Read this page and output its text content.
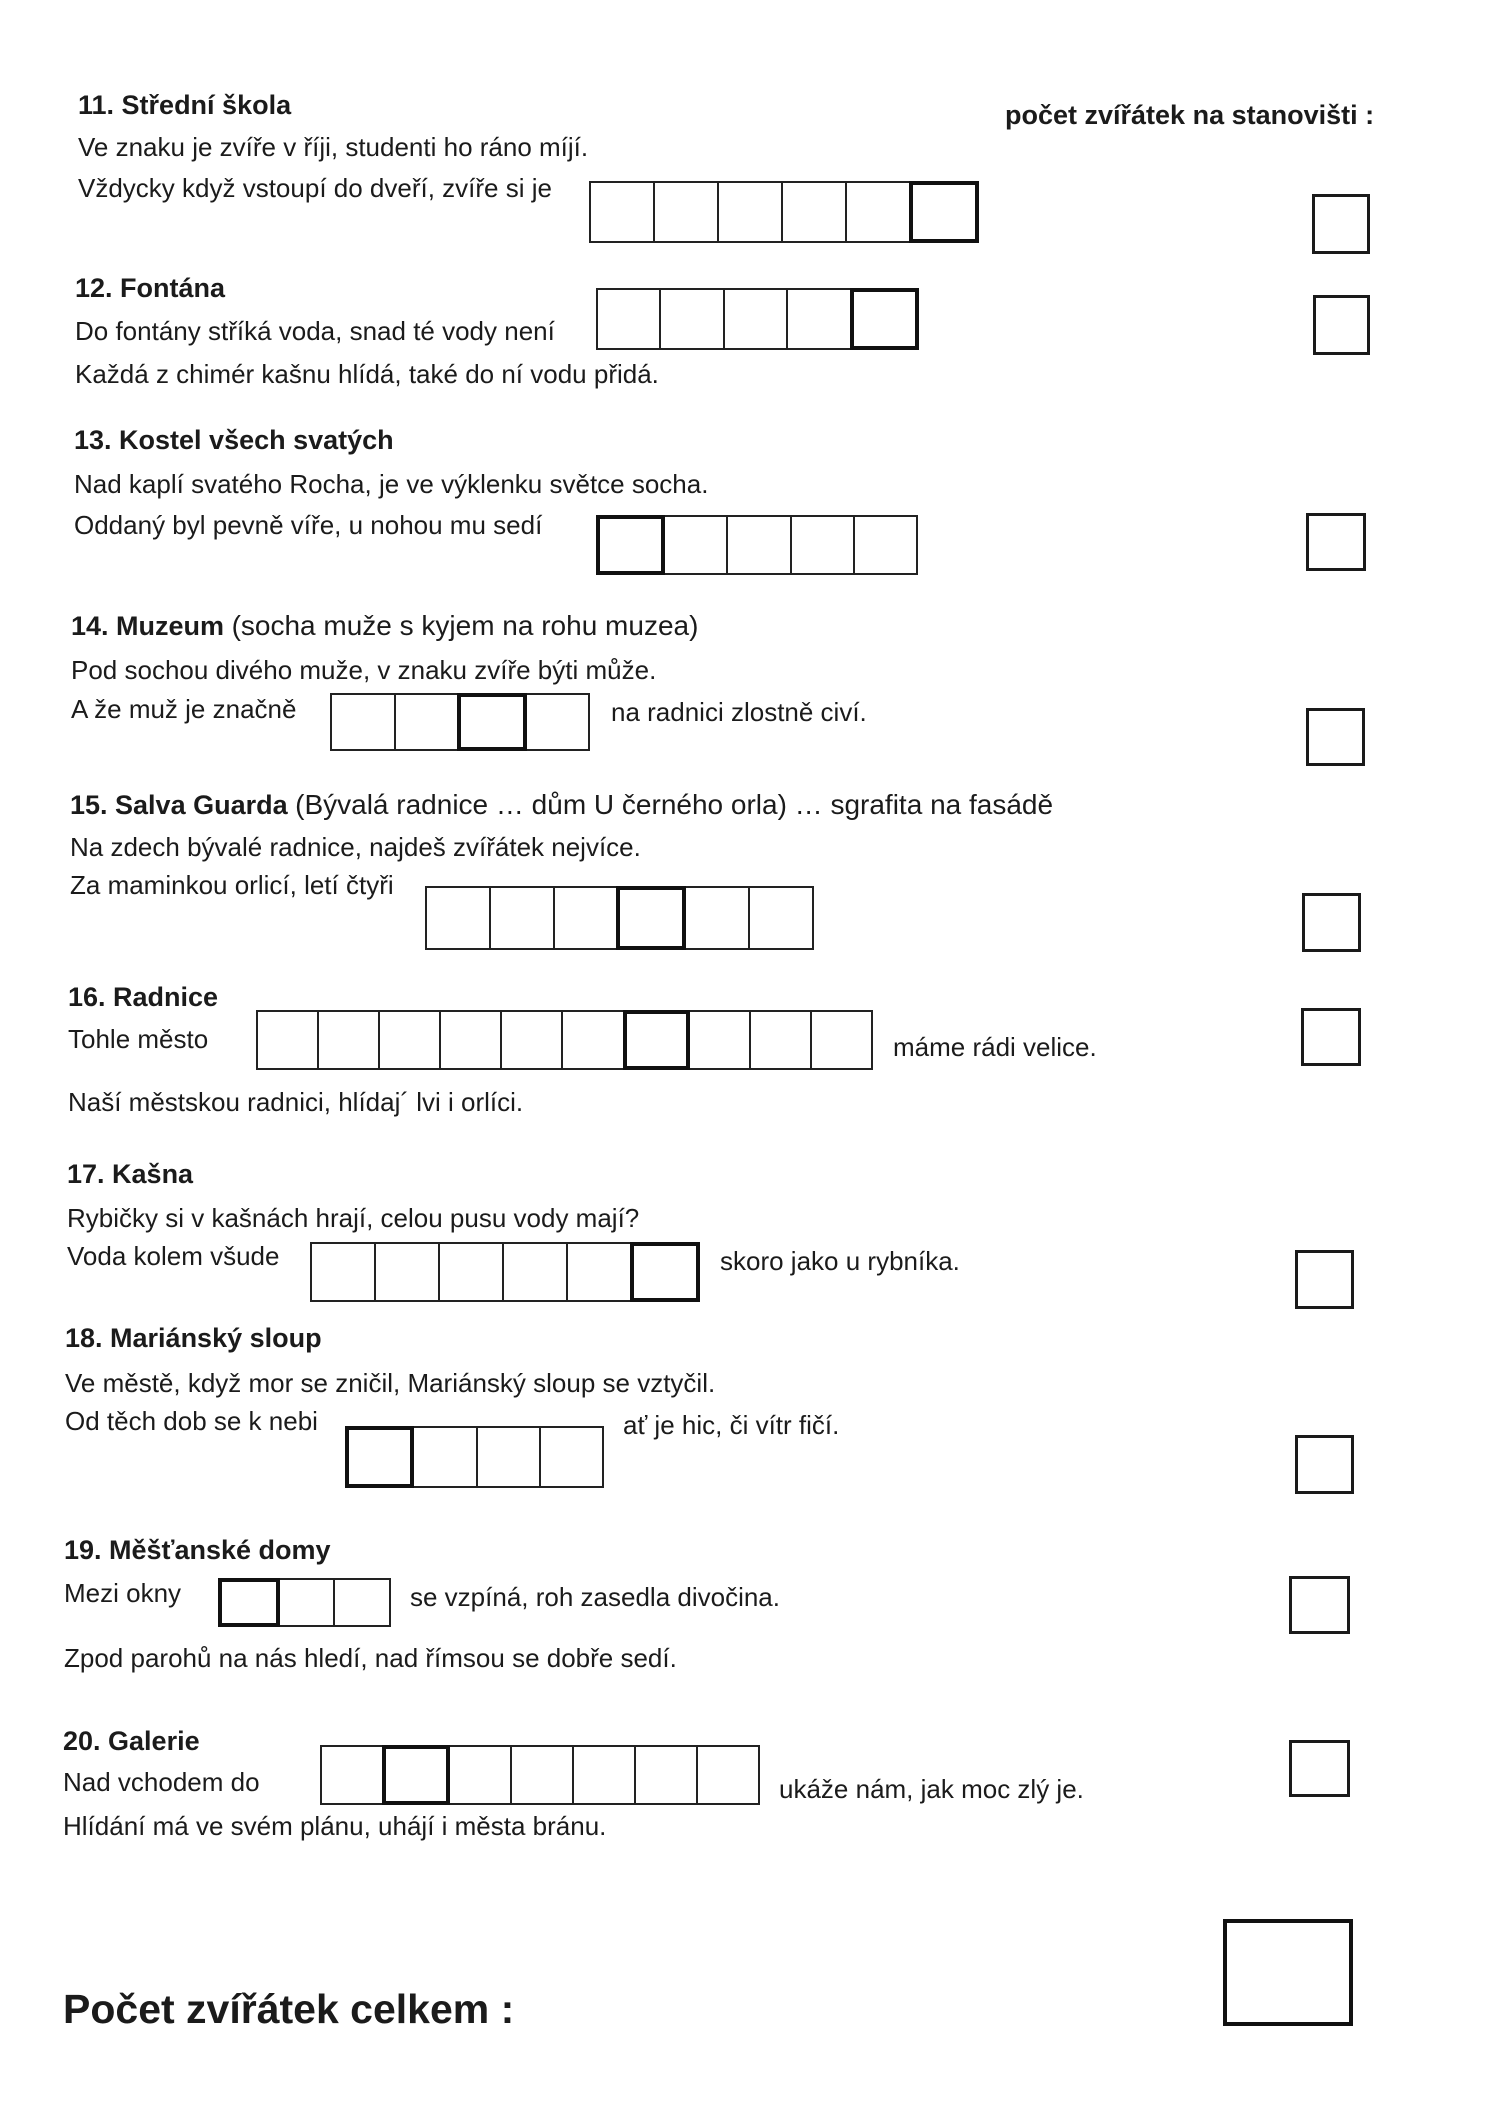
počet zvířátek na stanovišti :
11. Střední škola
Ve znaku je zvíře v říji, studenti ho ráno míjí.
Vždycky když vstoupí do dveří, zvíře si je
12. Fontána
Do fontány stříká voda, snad té vody není
Každá z chimér kašnu hlídá, také do ní vodu přidá.
13. Kostel všech svatých
Nad kaplí svatého Rocha, je ve výklenku světce socha.
Oddaný byl pevně víře, u nohou mu sedí
14. Muzeum (socha muže s kyjem na rohu muzea)
Pod sochou divého muže, v znaku zvíře býti může.
A že muž je značně	na radnici zlostně civí.
15. Salva Guarda (Bývalá radnice … dům U černého orla) … sgrafita na fasádě
Na zdech bývalé radnice, najdeš zvířátek nejvíce.
Za maminkou orlicí, letí čtyři
16. Radnice
Tohle město	máme rádi velice.
Naší městskou radnici, hlídaj´ lvi i orlíci.
17. Kašna
Rybičky si v kašnách hrají, celou pusu vody mají?
Voda kolem všude	skoro jako u rybníka.
18. Mariánský sloup
Ve městě, když mor se zničil, Mariánský sloup se vztyčil.
Od těch dob se k nebi	ať je hic, či vítr fičí.
19. Měšťanské domy
Mezi okny	se vzpíná, roh zasedla divočina.
Zpod parohů na nás hledí, nad římsou se dobře sedí.
20. Galerie
Nad vchodem do	ukáže nám, jak moc zlý je.
Hlídání má ve svém plánu, uhájí i města bránu.
Počet zvířátek celkem :
